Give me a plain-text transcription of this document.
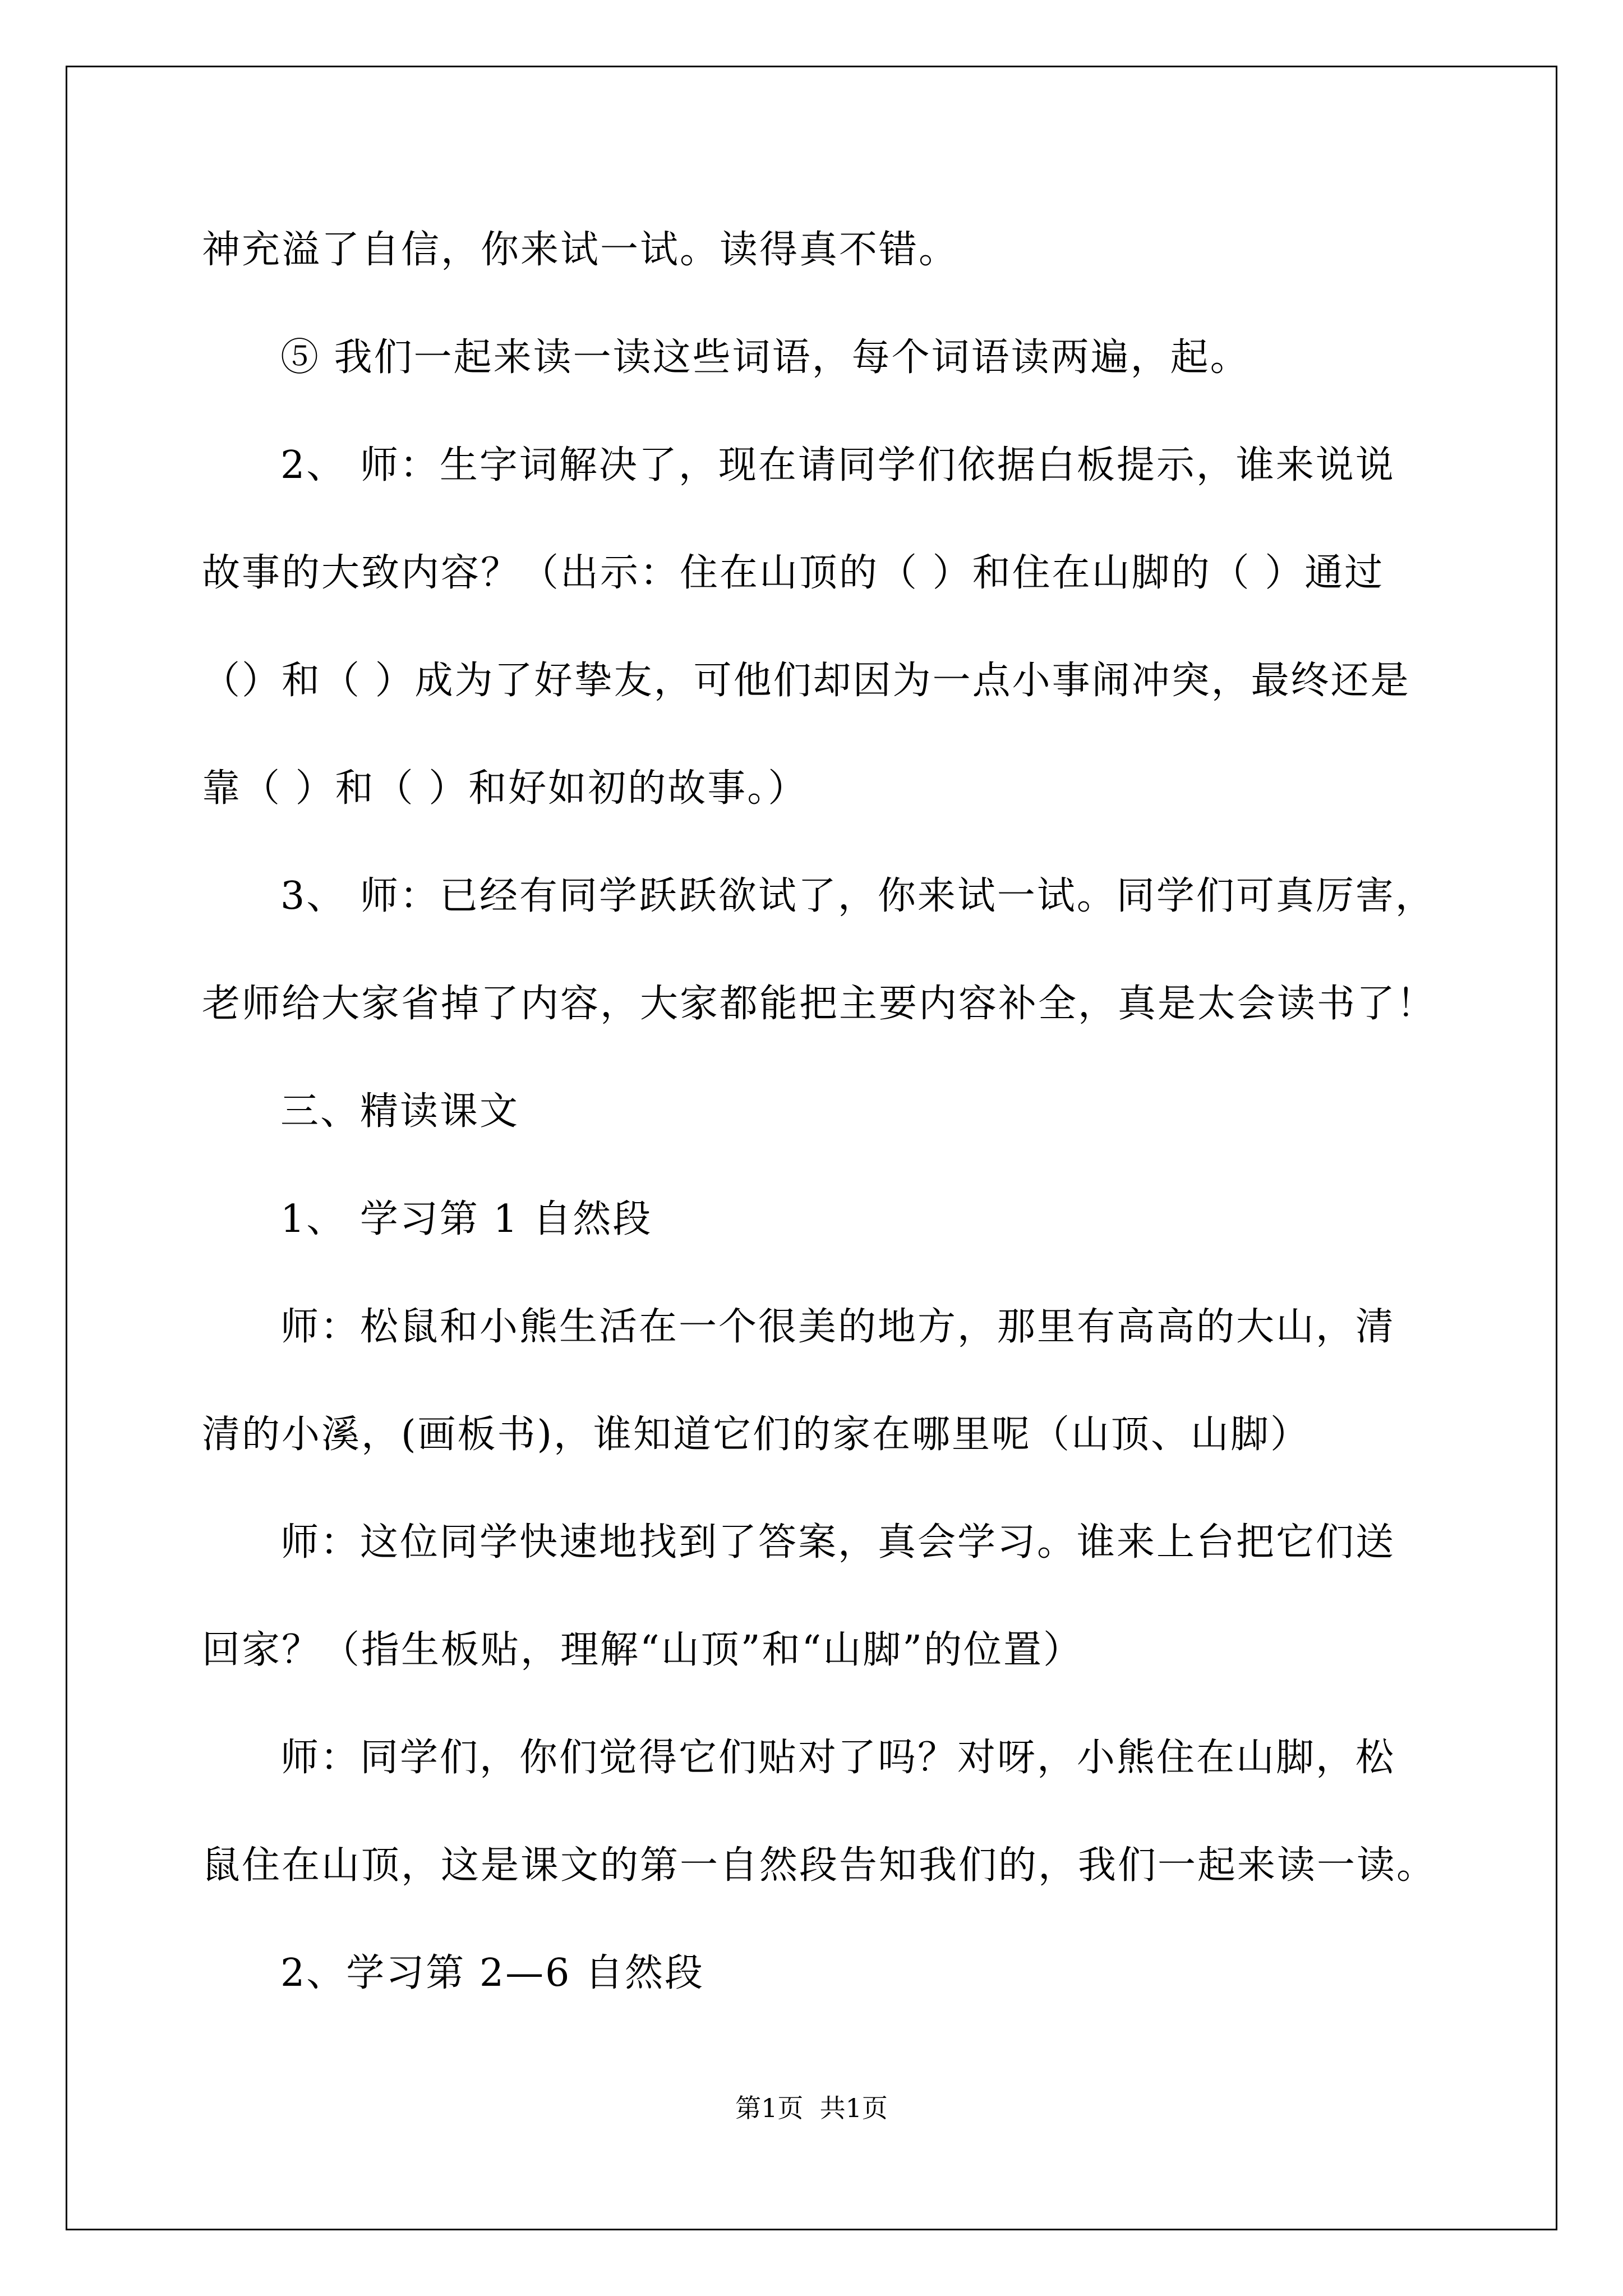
神充溢了自信，你来试一试。读得真不错。
⑤ 我们一起来读一读这些词语，每个词语读两遍，起。
2、 师：生字词解决了，现在请同学们依据白板提示，谁来说说
故事的大致内容？（出示：住在山顶的（ ）和住在山脚的（ ）通过
（）和（ ）成为了好挚友，可他们却因为一点小事闹冲突，最终还是
靠（ ）和（ ）和好如初的故事。）
3、 师：已经有同学跃跃欲试了，你来试一试。同学们可真厉害，
老师给大家省掉了内容，大家都能把主要内容补全，真是太会读书了！
三、精读课文
1、 学习第 1 自然段
师：松鼠和小熊生活在一个很美的地方，那里有高高的大山，清
清的小溪，(画板书)，谁知道它们的家在哪里呢（山顶、山脚）
师：这位同学快速地找到了答案，真会学习。谁来上台把它们送
回家？（指生板贴，理解“山顶”和“山脚”的位置）
师：同学们，你们觉得它们贴对了吗？对呀，小熊住在山脚，松
鼠住在山顶，这是课文的第一自然段告知我们的，我们一起来读一读。
2、学习第 2—6 自然段
第1页  共1页
